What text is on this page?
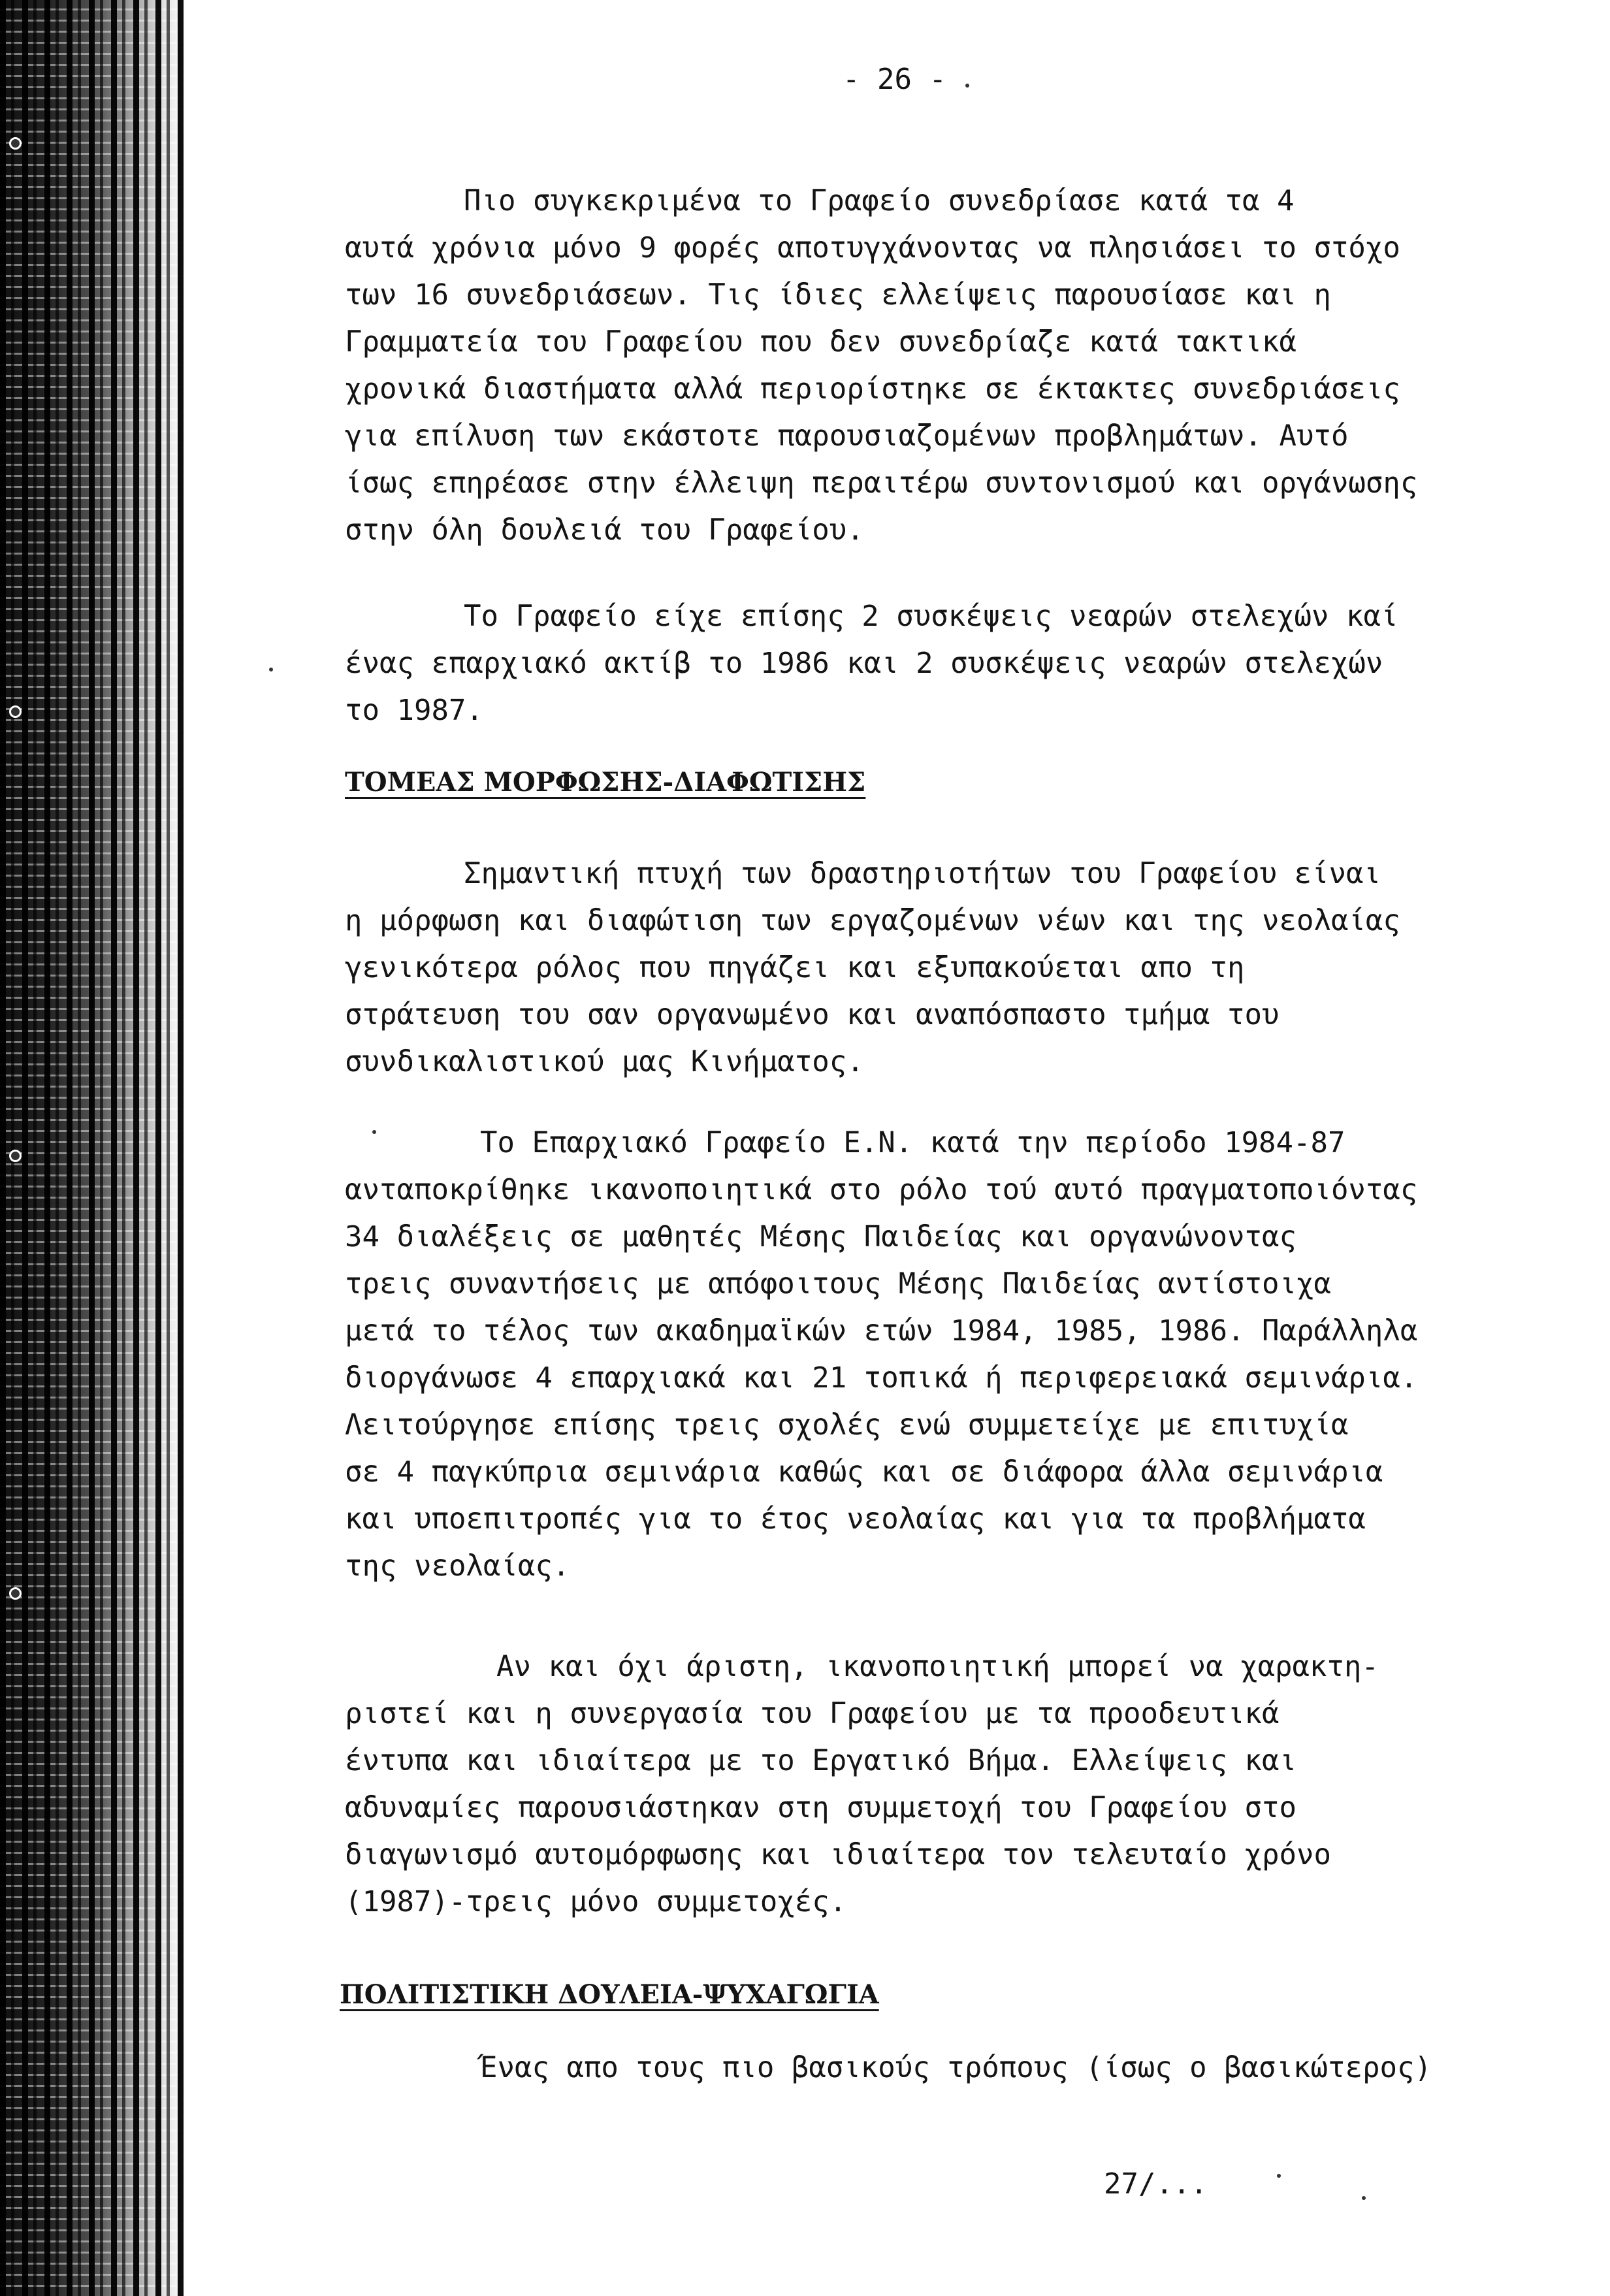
- 26 -
Πιο συγκεκριμένα το Γραφείο συνεδρίασε κατά τα 4
αυτά χρόνια μόνο 9 φορές αποτυγχάνοντας να πλησιάσει το στόχο
των 16 συνεδριάσεων. Τις ίδιες ελλείψεις παρουσίασε και η
Γραμματεία του Γραφείου που δεν συνεδρίαζε κατά τακτικά
χρονικά διαστήματα αλλά περιορίστηκε σε έκτακτες συνεδριάσεις
για επίλυση των εκάστοτε παρουσιαζομένων προβλημάτων. Αυτό
ίσως επηρέασε στην έλλειψη περαιτέρω συντονισμού και οργάνωσης
στην όλη δουλειά του Γραφείου.
Το Γραφείο είχε επίσης 2 συσκέψεις νεαρών στελεχών καί
ένας επαρχιακό ακτίβ το 1986 και 2 συσκέψεις νεαρών στελεχών
το 1987.
ΤΟΜΕΑΣ ΜΟΡΦΩΣΗΣ-ΔΙΑΦΩΤΙΣΗΣ
Σημαντική πτυχή των δραστηριοτήτων του Γραφείου είναι
η μόρφωση και διαφώτιση των εργαζομένων νέων και της νεολαίας
γενικότερα ρόλος που πηγάζει και εξυπακούεται απο τη
στράτευση του σαν οργανωμένο και αναπόσπαστο τμήμα του
συνδικαλιστικού μας Κινήματος.
Το Επαρχιακό Γραφείο Ε.Ν. κατά την περίοδο 1984-87
ανταποκρίθηκε ικανοποιητικά στο ρόλο τού αυτό πραγματοποιόντας
34 διαλέξεις σε μαθητές Μέσης Παιδείας και οργανώνοντας
τρεις συναντήσεις με απόφοιτους Μέσης Παιδείας αντίστοιχα
μετά το τέλος των ακαδημαϊκών ετών 1984, 1985, 1986. Παράλληλα
διοργάνωσε 4 επαρχιακά και 21 τοπικά ή περιφερειακά σεμινάρια.
Λειτούργησε επίσης τρεις σχολές ενώ συμμετείχε με επιτυχία
σε 4 παγκύπρια σεμινάρια καθώς και σε διάφορα άλλα σεμινάρια
και υποεπιτροπές για το έτος νεολαίας και για τα προβλήματα
της νεολαίας.
Αν και όχι άριστη, ικανοποιητική μπορεί να χαρακτη-
ριστεί και η συνεργασία του Γραφείου με τα προοδευτικά
έντυπα και ιδιαίτερα με το Εργατικό Βήμα. Ελλείψεις και
αδυναμίες παρουσιάστηκαν στη συμμετοχή του Γραφείου στο
διαγωνισμό αυτομόρφωσης και ιδιαίτερα τον τελευταίο χρόνο
(1987)-τρεις μόνο συμμετοχές.
ΠΟΛΙΤΙΣΤΙΚΗ ΔΟΥΛΕΙΑ-ΨΥΧΑΓΩΓΙΑ
Ένας απο τους πιο βασικούς τρόπους (ίσως ο βασικώτερος)
27/...
